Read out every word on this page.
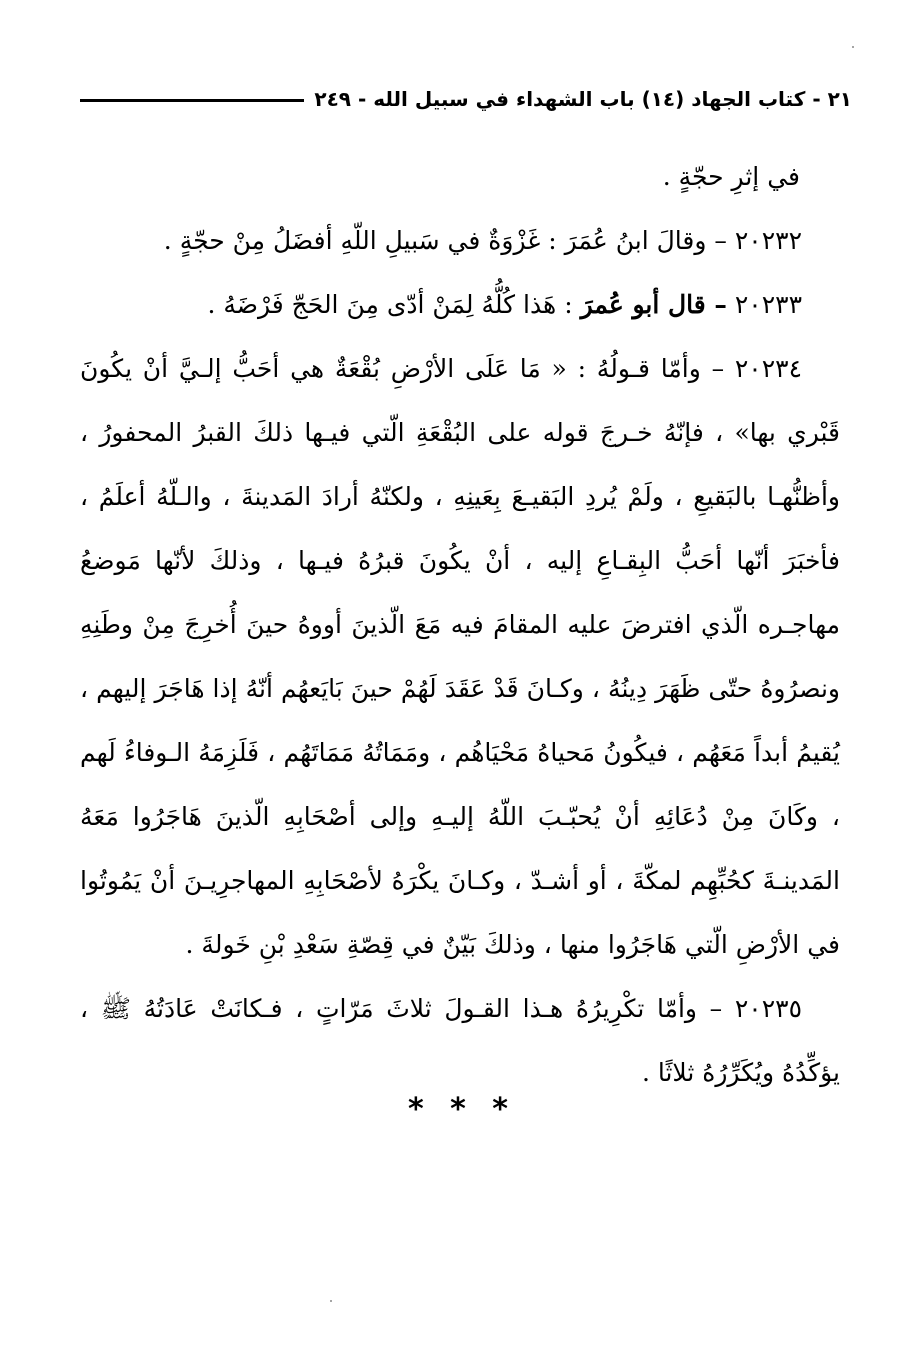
٢١ - كتاب الجهاد (١٤) باب الشهداء في سبيل الله - ٢٤٩

في إثرِ حجّةٍ .

٢٠٢٣٢ – وقالَ ابنُ عُمَرَ : غَزْوَةٌ في سَبيلِ اللّهِ أفضَلُ مِنْ حجّةٍ .

٢٠٢٣٣ – قال أبو عُمرَ : هَذا كُلُّهُ لِمَنْ أدّى مِنَ الحَجّ فَرْضَهُ .

٢٠٢٣٤ – وأمّا قـولُهُ : « مَا عَلَى الأرْضِ بُقْعَةٌ هي أحَبُّ إلـيَّ أنْ يكُونَ قَبْري بها» ، فإنّهُ خـرجَ قوله على البُقْعَةِ الّتي فيـها ذلكَ القبرُ المحفورُ ، وأظنُّهـا بالبَقيعِ ، ولَمْ يُردِ البَقيـعَ بِعَينِهِ ، ولكنّهُ أرادَ المَدينةَ ، والـلّهُ أعلَمُ ، فأخبَرَ أنّها أحَبُّ البِقـاعِ إليه ، أنْ يكُونَ قبرُهُ فيـها ، وذلكَ لأنّها مَوضعُ مهاجـره الّذي افترضَ عليه المقامَ فيه مَعَ الّذينَ أووهُ حينَ أُخرِجَ مِنْ وطَنِهِ ونصرُوهُ حتّى ظَهَرَ دِينُهُ ، وكـانَ قَدْ عَقَدَ لَهُمْ حينَ بَايَعهُم أنّهُ إذا هَاجَرَ إليهم ، يُقيمُ أبداً مَعَهُم ، فيكُونُ مَحياهُ مَحْيَاهُم ، ومَمَاتُهُ مَمَاتَهُم ، فَلَزِمَهُ الـوفاءُ لَهم ، وكَانَ مِنْ دُعَائِهِ أنْ يُحبّـبَ اللّهُ إليـهِ وإلى أصْحَابِهِ الّذينَ هَاجَرُوا مَعَهُ المَدينـةَ كحُبِّهِم لمكّةَ ، أو أشـدّ ، وكـانَ يكْرَهُ لأصْحَابِهِ المهاجرِيـنَ أنْ يَمُوتُوا في الأرْضِ الّتي هَاجَرُوا منها ، وذلكَ بَيّنٌ في قِصّةِ سَعْدِ بْنِ خَولةَ .

٢٠٢٣٥ – وأمّا تكْرِيرُهُ هـذا القـولَ ثلاثَ مَرّاتٍ ، فـكانَتْ عَادَتُهُ ﷺ ، يؤكِّدُهُ ويُكَرِّرُهُ ثلاثًا .

* * *
